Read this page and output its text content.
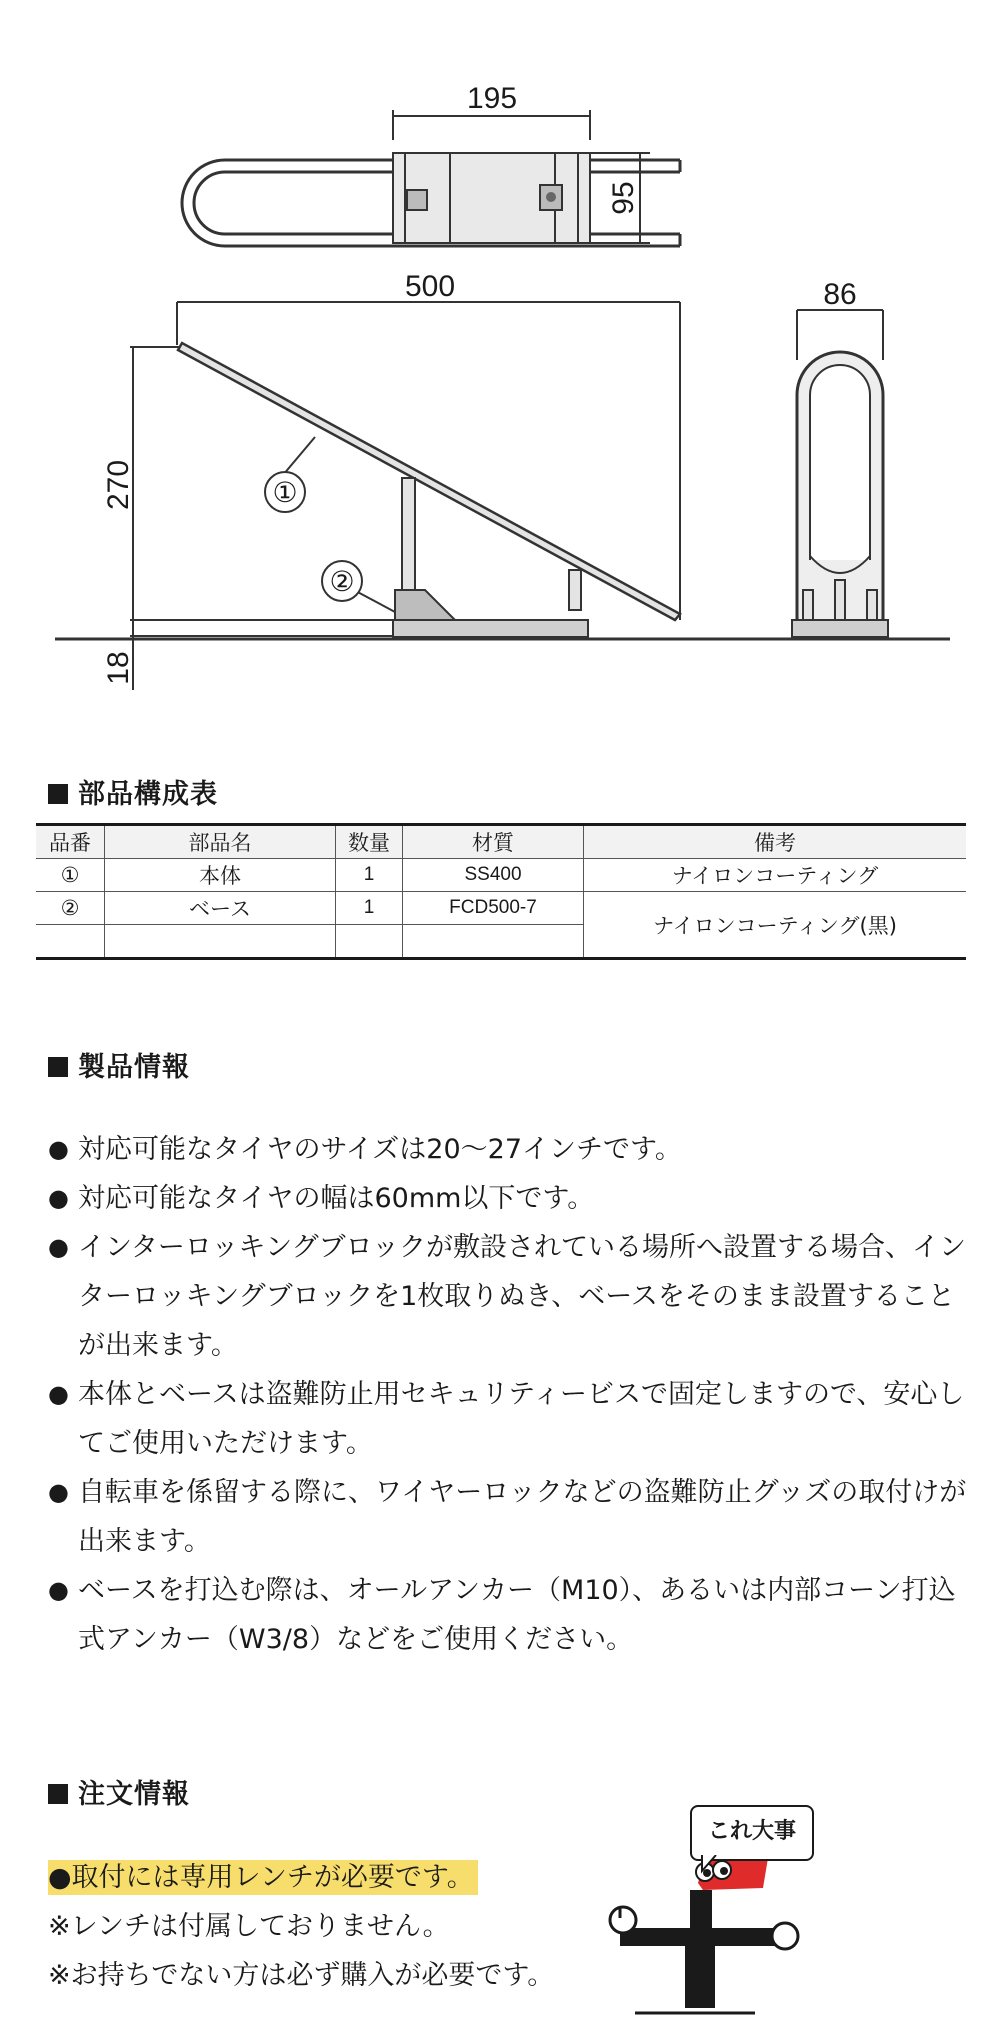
195
95
500
270
18
①
②
86
部品構成表
品番	部品名	数量	材質	備考
①	本体	1	SS400	ナイロンコーティング
②	ベース	1	FCD500-7	ナイロンコーティング(黒)

製品情報
● 対応可能なタイヤのサイズは20〜27インチです。
● 対応可能なタイヤの幅は60mm以下です。
● インターロッキングブロックが敷設されている場所へ設置する場合、インターロッキングブロックを1枚取りぬき、ベースをそのまま設置することが出来ます。
● 本体とベースは盗難防止用セキュリティービスで固定しますので、安心してご使用いただけます。
● 自転車を係留する際に、ワイヤーロックなどの盗難防止グッズの取付けが出来ます。
● ベースを打込む際は、オールアンカー（M10）、あるいは内部コーン打込式アンカー（W3/8）などをご使用ください。
注文情報
●取付には専用レンチが必要です。
※レンチは付属しておりません。
※お持ちでない方は必ず購入が必要です。
これ大事
